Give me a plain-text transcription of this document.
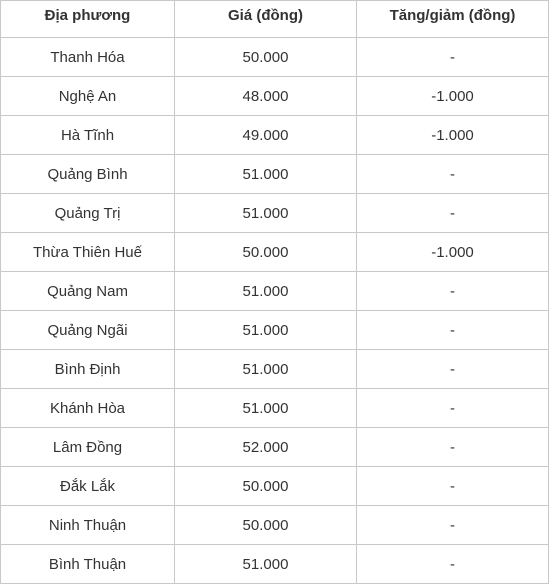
Địa phương	Giá (đồng)	Tăng/giảm (đồng)
Thanh Hóa	50.000	-
Nghệ An	48.000	-1.000
Hà Tĩnh	49.000	-1.000
Quảng Bình	51.000	-
Quảng Trị	51.000	-
Thừa Thiên Huế	50.000	-1.000
Quảng Nam	51.000	-
Quảng Ngãi	51.000	-
Bình Định	51.000	-
Khánh Hòa	51.000	-
Lâm Đồng	52.000	-
Đắk Lắk	50.000	-
Ninh Thuận	50.000	-
Bình Thuận	51.000	-
